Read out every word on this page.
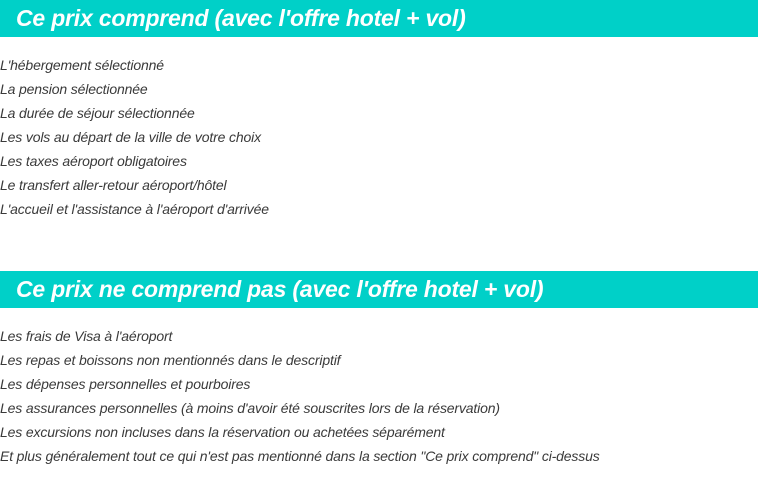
Ce prix comprend (avec l'offre hotel + vol)
L'hébergement sélectionné
La pension sélectionnée
La durée de séjour sélectionnée
Les vols au départ de la ville de votre choix
Les taxes aéroport obligatoires
Le transfert aller-retour aéroport/hôtel
L'accueil et l'assistance à l'aéroport d'arrivée
Ce prix ne comprend pas (avec l'offre hotel + vol)
Les frais de Visa à l'aéroport
Les repas et boissons non mentionnés dans le descriptif
Les dépenses personnelles et pourboires
Les assurances personnelles (à moins d'avoir été souscrites lors de la réservation)
Les excursions non incluses dans la réservation ou achetées séparément
Et plus généralement tout ce qui n'est pas mentionné dans la section "Ce prix comprend" ci-dessus
